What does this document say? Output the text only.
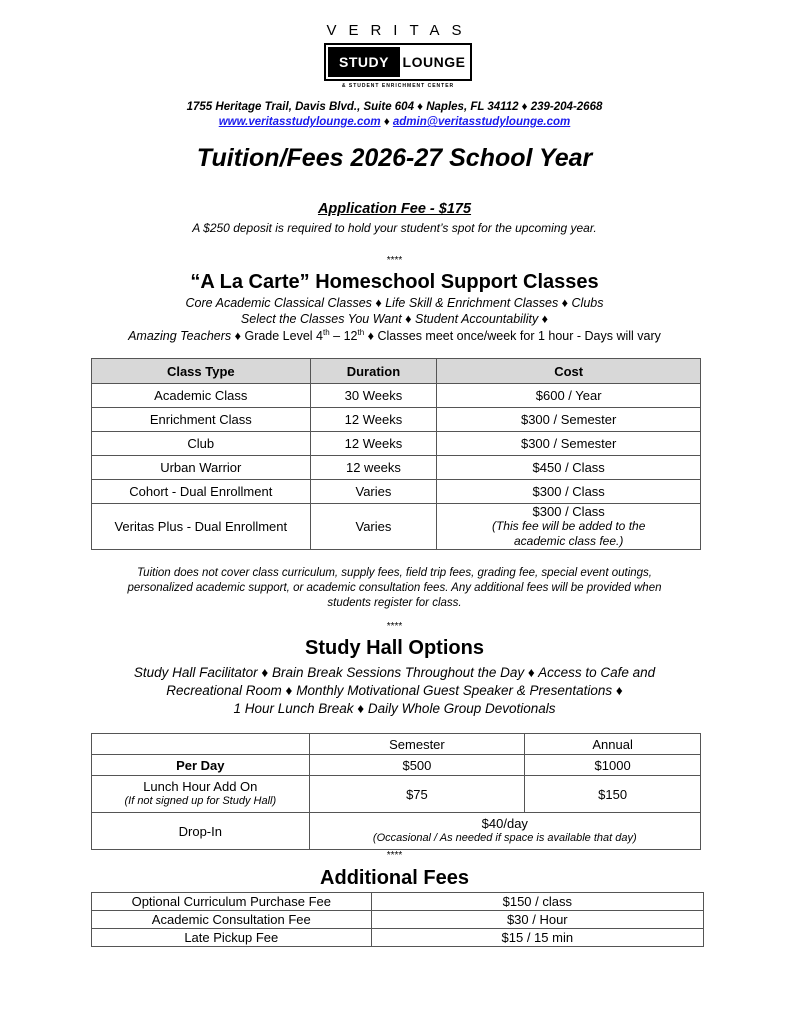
VERITAS
STUDY LOUNGE
& STUDENT ENRICHMENT CENTER
1755 Heritage Trail, Davis Blvd., Suite 604 ♦ Naples, FL 34112 ♦ 239-204-2668
www.veritasstudylounge.com ♦ admin@veritasstudylounge.com
Tuition/Fees 2026-27 School Year
Application Fee - $175
A $250 deposit is required to hold your student’s spot for the upcoming year.
****
“A La Carte” Homeschool Support Classes
Core Academic Classical Classes ♦ Life Skill & Enrichment Classes ♦ Clubs
Select the Classes You Want ♦ Student Accountability ♦
Amazing Teachers ♦ Grade Level 4th – 12th ♦ Classes meet once/week for 1 hour - Days will vary
Class Type	Duration	Cost
Academic Class	30 Weeks	$600 / Year
Enrichment Class	12 Weeks	$300 / Semester
Club	12 Weeks	$300 / Semester
Urban Warrior	12 weeks	$450 / Class
Cohort - Dual Enrollment	Varies	$300 / Class
Veritas Plus - Dual Enrollment	Varies	$300 / Class
(This fee will be added to the academic class fee.)
Tuition does not cover class curriculum, supply fees, field trip fees, grading fee, special event outings,
personalized academic support, or academic consultation fees. Any additional fees will be provided when
students register for class.
****
Study Hall Options
Study Hall Facilitator ♦ Brain Break Sessions Throughout the Day ♦ Access to Cafe and
Recreational Room ♦ Monthly Motivational Guest Speaker & Presentations ♦
1 Hour Lunch Break ♦ Daily Whole Group Devotionals
	Semester	Annual
Per Day	$500	$1000

Lunch Hour Add On
(If not signed up for Study Hall)	$75	$150
Drop-In	$40/day
(Occasional / As needed if space is available that day)	
****
Additional Fees
Optional Curriculum Purchase Fee	$150 / class
Academic Consultation Fee	$30 / Hour
Late Pickup Fee	$15 / 15 min
